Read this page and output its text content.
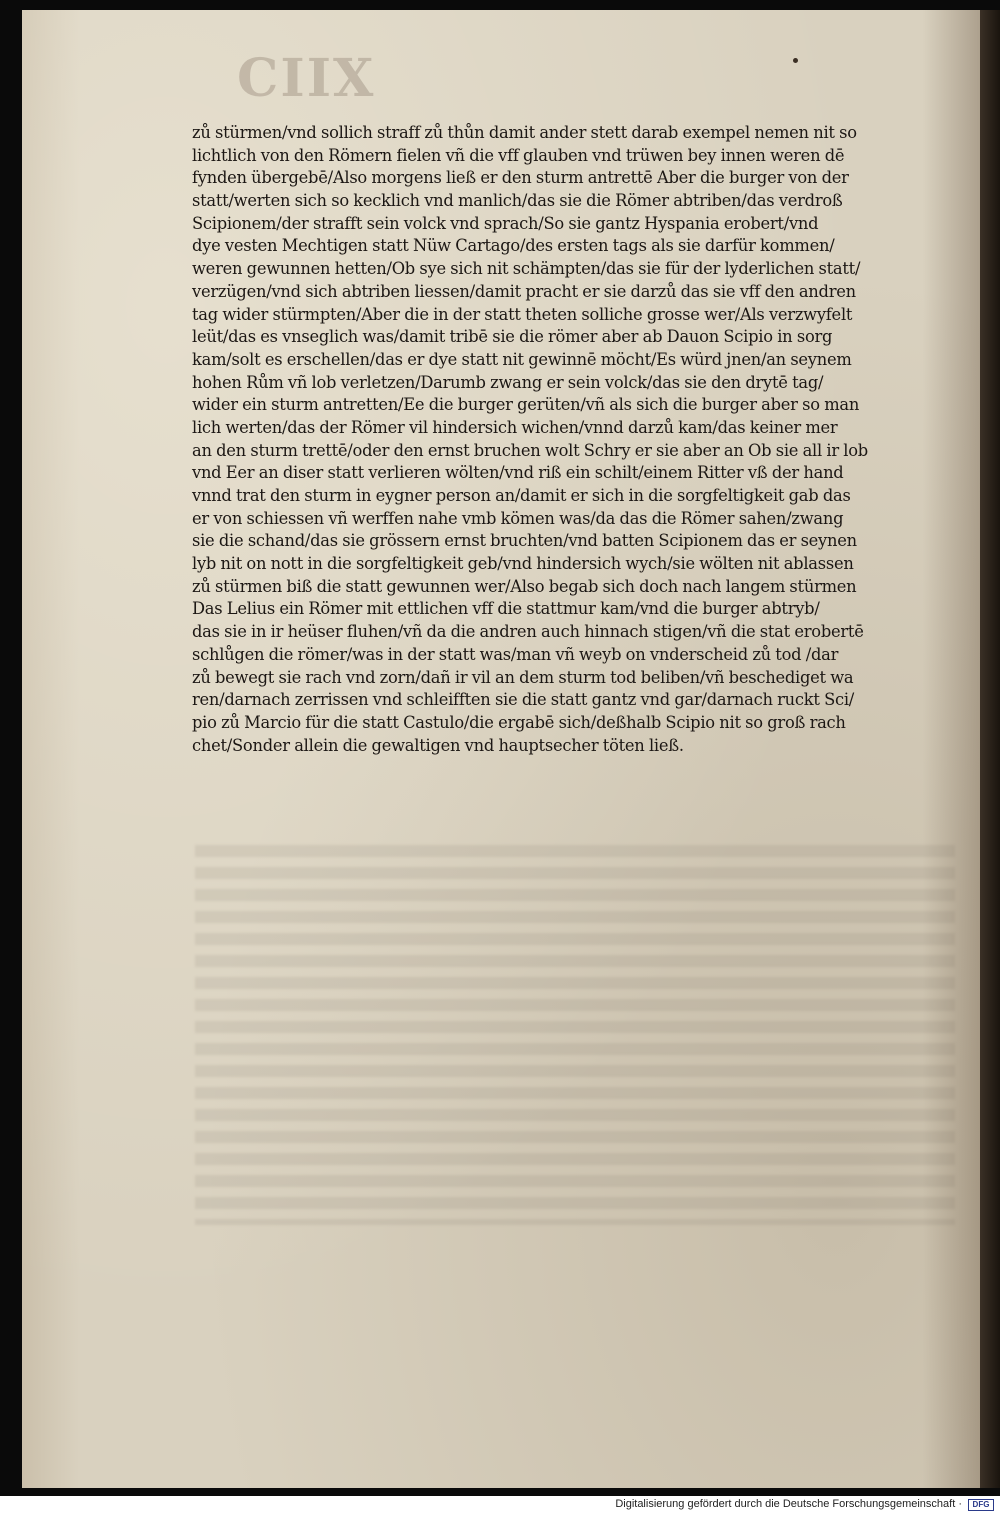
CIIX
zů stürmen/vnd sollich straff zů thůn damit ander stett darab exempel nemen nit so
lichtlich von den Römern fielen vñ die vff glauben vnd trüwen bey innen weren dē
fynden übergebē/Also morgens ließ er den sturm antrettē Aber die burger von der
statt/werten sich so kecklich vnd manlich/das sie die Römer abtriben/das verdroß
Scipionem/der strafft sein volck vnd sprach/So sie gantz Hyspania erobert/vnd
dye vesten Mechtigen statt Nüw Cartago/des ersten tags als sie darfür kommen/
weren gewunnen hetten/Ob sye sich nit schämpten/das sie für der lyderlichen statt/
verzügen/vnd sich abtriben liessen/damit pracht er sie darzů das sie vff den andren
tag wider stürmpten/Aber die in der statt theten solliche grosse wer/Als verzwyfelt
leüt/das es vnseglich was/damit tribē sie die römer aber ab Dauon Scipio in sorg
kam/solt es erschellen/das er dye statt nit gewinnē möcht/Es würd jnen/an seynem
hohen Rům vñ lob verletzen/Darumb zwang er sein volck/das sie den drytē tag/
wider ein sturm antretten/Ee die burger gerüten/vñ als sich die burger aber so man
lich werten/das der Römer vil hindersich wichen/vnnd darzů kam/das keiner mer
an den sturm trettē/oder den ernst bruchen wolt Schry er sie aber an Ob sie all ir lob
vnd Eer an diser statt verlieren wölten/vnd riß ein schilt/einem Ritter vß der hand
vnnd trat den sturm in eygner person an/damit er sich in die sorgfeltigkeit gab das
er von schiessen vñ werffen nahe vmb kömen was/da das die Römer sahen/zwang
sie die schand/das sie grössern ernst bruchten/vnd batten Scipionem das er seynen
lyb nit on nott in die sorgfeltigkeit geb/vnd hindersich wych/sie wölten nit ablassen
zů stürmen biß die statt gewunnen wer/Also begab sich doch nach langem stürmen
Das Lelius ein Römer mit ettlichen vff die stattmur kam/vnd die burger abtryb/
das sie in ir heüser fluhen/vñ da die andren auch hinnach stigen/vñ die stat erobertē
schlůgen die römer/was in der statt was/man vñ weyb on vnderscheid zů tod /dar
zů bewegt sie rach vnd zorn/dañ ir vil an dem sturm tod beliben/vñ beschediget wa
ren/darnach zerrissen vnd schleifften sie die statt gantz vnd gar/darnach ruckt Sci/
pio zů Marcio für die statt Castulo/die ergabē sich/deßhalb Scipio nit so groß rach
chet/Sonder allein die gewaltigen vnd hauptsecher töten ließ.
Digitalisierung gefördert durch die Deutsche Forschungsgemeinschaft ·	DFG
